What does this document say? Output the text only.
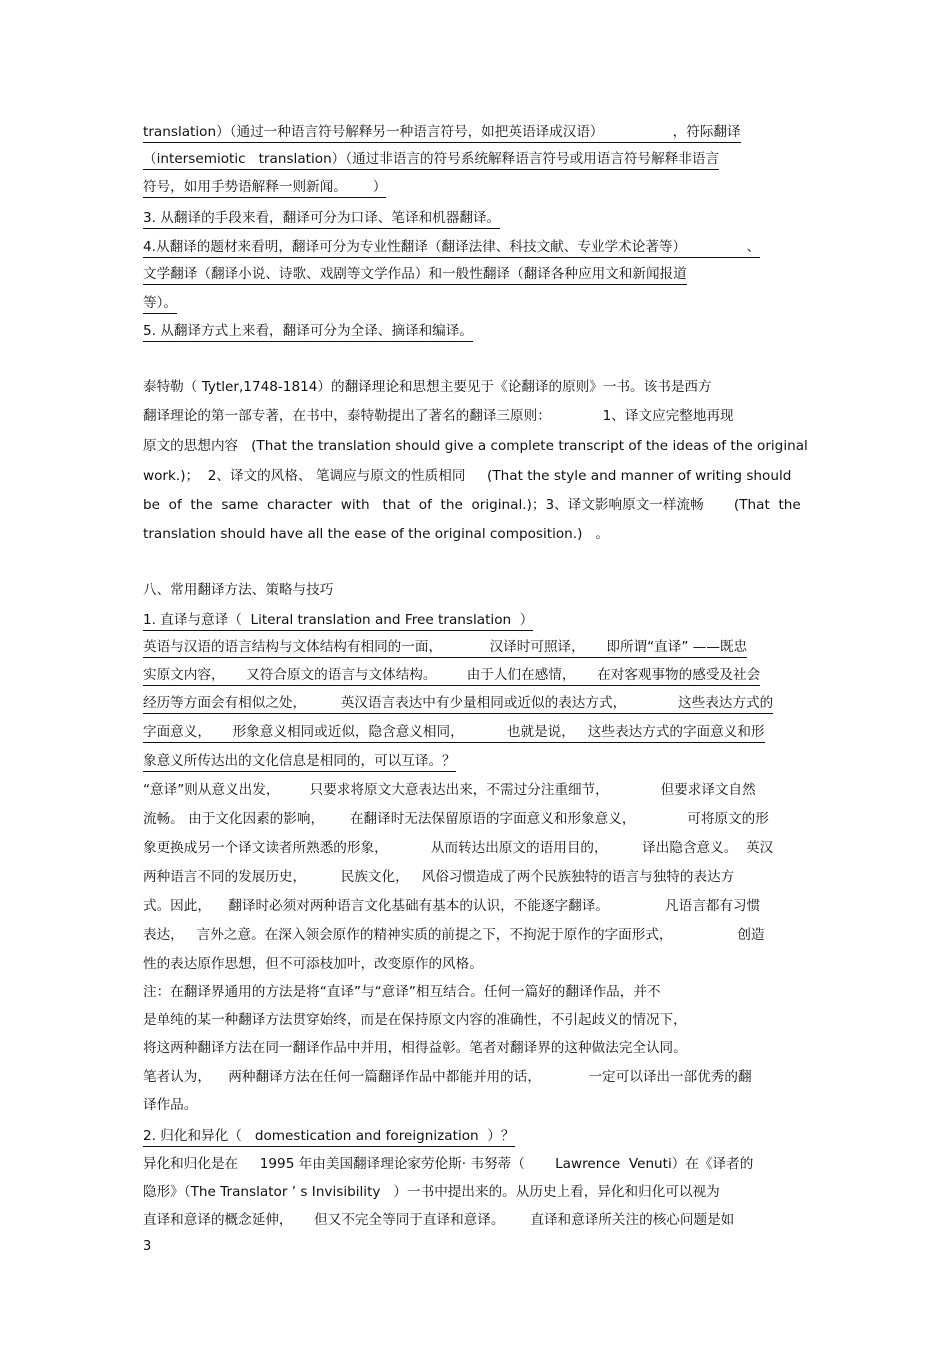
translation）（通过一种语言符号解释另一种语言符号，如把英语译成汉语）                ，符际翻译
（intersemiotic   translation）（通过非语言的符号系统解释语言符号或用语言符号解释非语言
符号，如用手势语解释一则新闻。      ）
3. 从翻译的手段来看，翻译可分为口译、笔译和机器翻译。
4.从翻译的题材来看明，翻译可分为专业性翻译（翻译法律、科技文献、专业学术论著等）              、
文学翻译（翻译小说、诗歌、戏剧等文学作品）和一般性翻译（翻译各种应用文和新闻报道
等）。
5. 从翻译方式上来看，翻译可分为全译、摘译和编译。
泰特勒（ Tytler,1748-1814）的翻译理论和思想主要见于《论翻译的原则》一书。该书是西方
翻译理论的第一部专著，在书中，泰特勒提出了著名的翻译三原则：            1、译文应完整地再现
原文的思想内容   (That the translation should give a complete transcript of the ideas of the original
work.)；  2、译文的风格、 笔调应与原文的性质相同     (That the style and manner of writing should
be  of  the  same  character  with   that  of  the  original.)；3、译文影响原文一样流畅       (That  the
translation should have all the ease of the original composition.)   。
八、常用翻译方法、策略与技巧
1. 直译与意译（  Literal translation and Free translation  ）
英语与汉语的语言结构与文体结构有相同的一面，           汉译时可照译，     即所谓“直译” ——既忠
实原文内容，     又符合原文的语言与文体结构。       由于人们在感情，     在对客观事物的感受及社会
经历等方面会有相似之处，        英汉语言表达中有少量相同或近似的表达方式，            这些表达方式的
字面意义，     形象意义相同或近似，隐含意义相同，          也就是说，   这些表达方式的字面意义和形
象意义所传达出的文化信息是相同的，可以互译。？
“意译”则从意义出发，       只要求将原文大意表达出来，不需过分注重细节，            但要求译文自然
流畅。 由于文化因素的影响，      在翻译时无法保留原语的字面意义和形象意义，            可将原文的形
象更换成另一个译文读者所熟悉的形象，          从而转达出原文的语用目的，        译出隐含意义。  英汉
两种语言不同的发展历史，        民族文化，   风俗习惯造成了两个民族独特的语言与独特的表达方
式。因此，    翻译时必须对两种语言文化基础有基本的认识，不能逐字翻译。             凡语言都有习惯
表达，   言外之意。在深入领会原作的精神实质的前提之下，不拘泥于原作的字面形式，               创造
性的表达原作思想，但不可添枝加叶，改变原作的风格。
注：在翻译界通用的方法是将“直译”与“意译”相互结合。任何一篇好的翻译作品，并不
是单纯的某一种翻译方法贯穿始终，而是在保持原文内容的准确性，不引起歧义的情况下，
将这两种翻译方法在同一翻译作品中并用，相得益彰。笔者对翻译界的这种做法完全认同。
笔者认为，    两种翻译方法在任何一篇翻译作品中都能并用的话，           一定可以译出一部优秀的翻
译作品。
2. 归化和异化（   domestication and foreignization  ）？
异化和归化是在     1995 年由美国翻译理论家劳伦斯· 韦努蒂（       Lawrence  Venuti）在《译者的
隐形》（The Translator ’ s Invisibility   ）一书中提出来的。从历史上看，异化和归化可以视为
直译和意译的概念延伸，     但又不完全等同于直译和意译。      直译和意译所关注的核心问题是如
3
